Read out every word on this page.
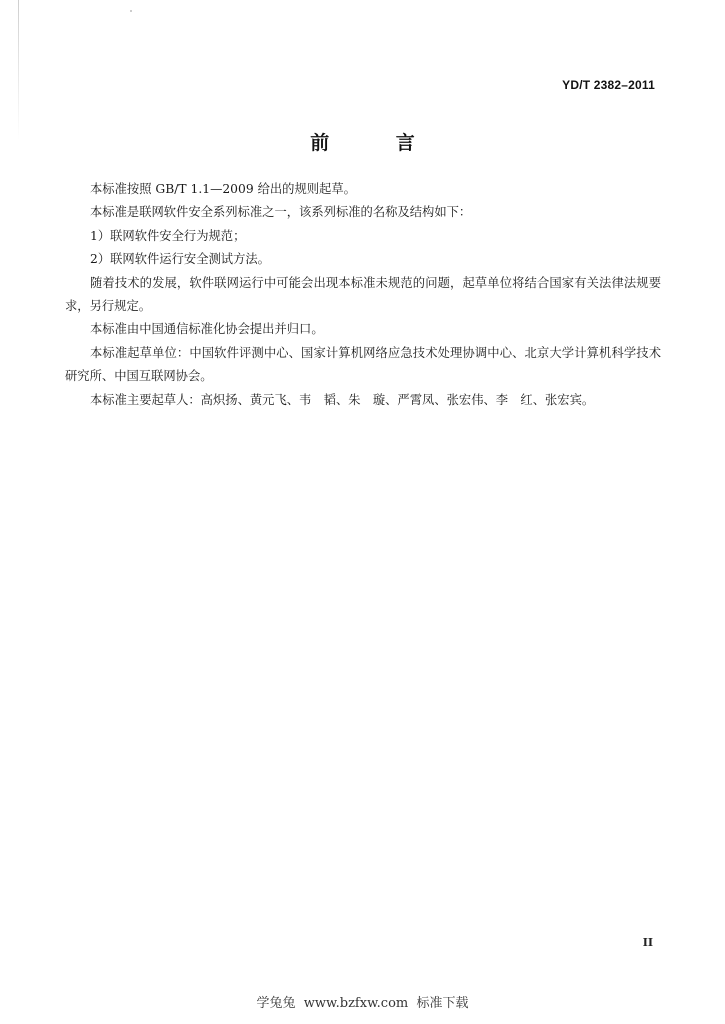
YD/T 2382–2011
前 言

本标准按照 GB/T 1.1—2009 给出的规则起草。

本标准是联网软件安全系列标准之一，该系列标准的名称及结构如下：

1）联网软件安全行为规范；

2）联网软件运行安全测试方法。

随着技术的发展，软件联网运行中可能会出现本标准未规范的问题，起草单位将结合国家有关法律法规要求，另行规定。

本标准由中国通信标准化协会提出并归口。

本标准起草单位：中国软件评测中心、国家计算机网络应急技术处理协调中心、北京大学计算机科学技术研究所、中国互联网协会。

本标准主要起草人：高炽扬、黄元飞、韦　韬、朱　璇、严霄凤、张宏伟、李　红、张宏宾。

II
学兔兔  www.bzfxw.com  标准下载
